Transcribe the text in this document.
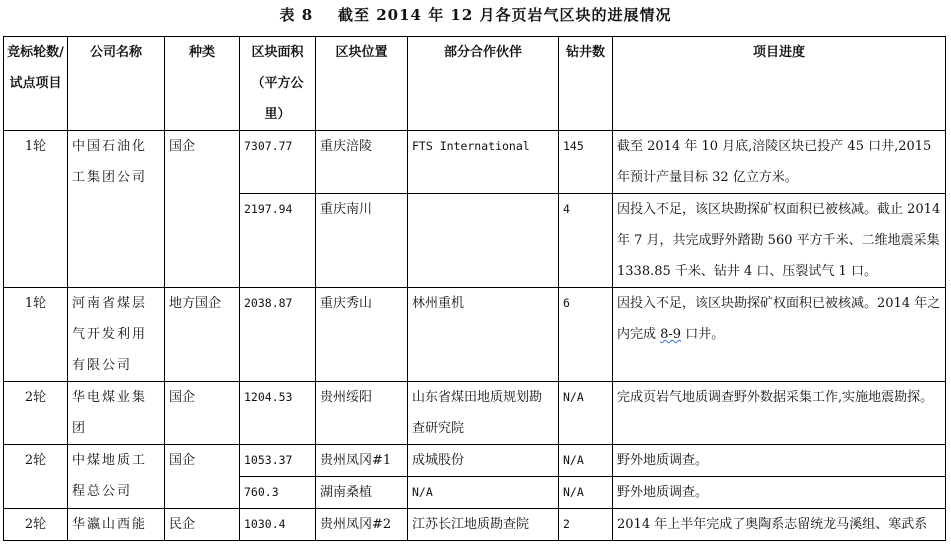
表 8    截至 2014 年 12 月各页岩气区块的进展情况
竞标轮数/试点项目	公司名称	种类	区块面积（平方公里）	区块位置	部分合作伙伴	钻井数	项目进度
1轮	中国石油化工集团公司	国企	7307.77	重庆涪陵	FTS International	145	截至 2014 年 10 月底,涪陵区块已投产 45 口井,2015 年预计产量目标 32 亿立方米。
			2197.94	重庆南川		4	因投入不足，该区块勘探矿权面积已被核减。截止 2014 年 7 月，共完成野外踏勘 560 平方千米、二维地震采集 1338.85 千米、钻井 4 口、压裂试气 1 口。
1轮	河南省煤层气开发利用有限公司	地方国企	2038.87	重庆秀山	林州重机	6	因投入不足，该区块勘探矿权面积已被核减。2014 年之内完成 8-9 口井。
2轮	华电煤业集团	国企	1204.53	贵州绥阳	山东省煤田地质规划勘查研究院	N/A	完成页岩气地质调查野外数据采集工作,实施地震勘探。
2轮	中煤地质工程总公司	国企	1053.37	贵州凤冈#1	成城股份	N/A	野外地质调查。
			760.3	湖南桑植	N/A	N/A	野外地质调查。
2轮	华瀛山西能	民企	1030.4	贵州凤冈#2	江苏长江地质勘查院	2	2014 年上半年完成了奥陶系志留统龙马溪组、寒武系
